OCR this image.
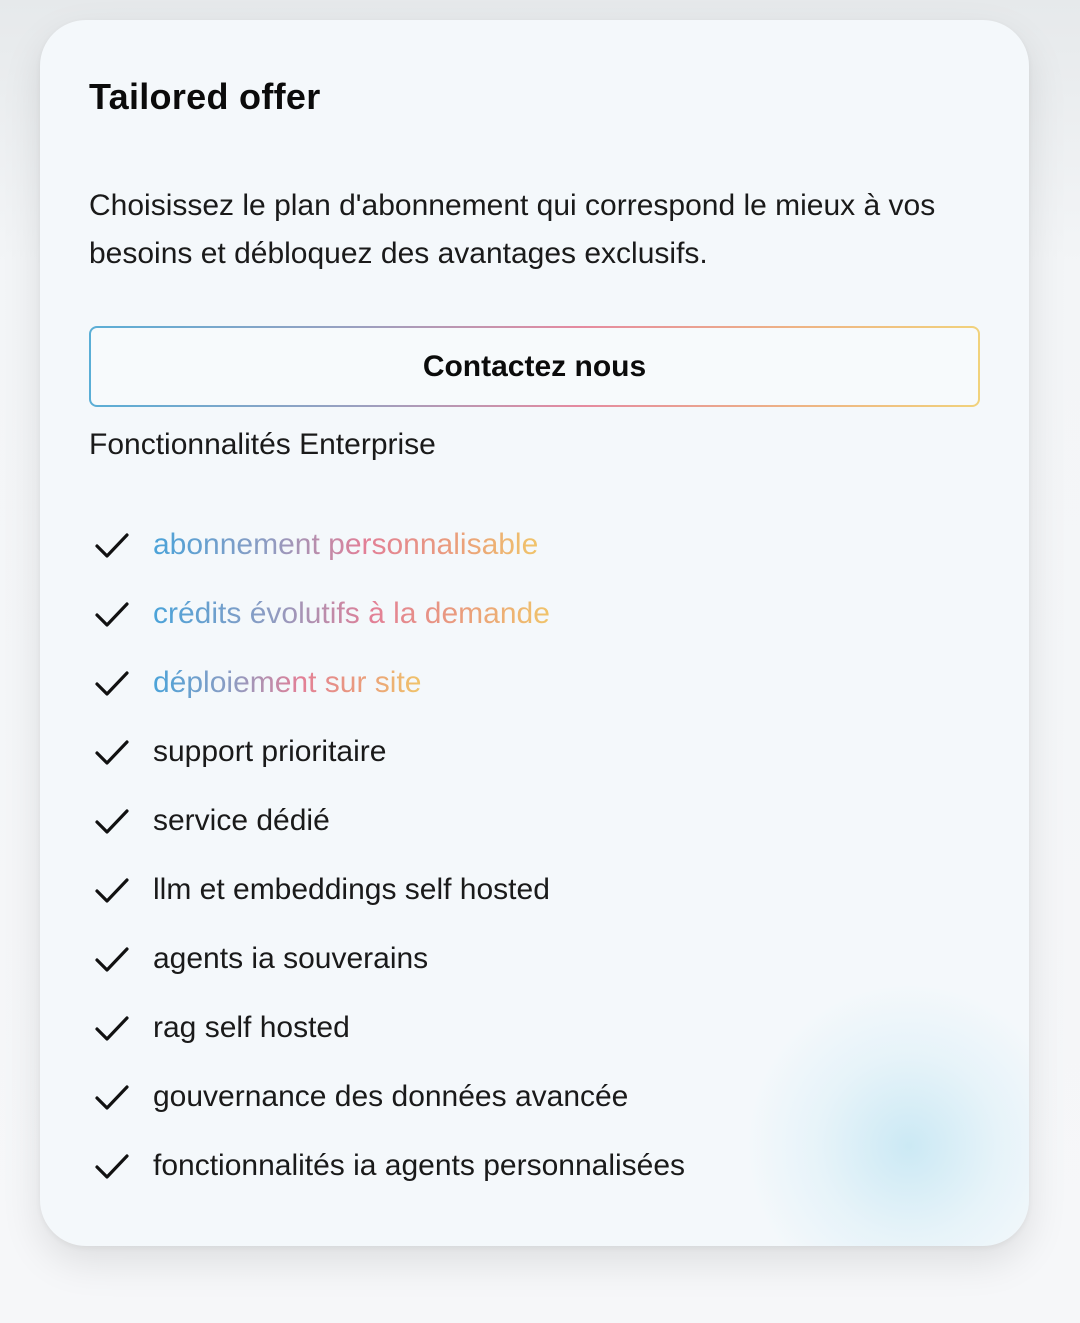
Tailored offer
Choisissez le plan d'abonnement qui correspond le mieux à vos besoins et débloquez des avantages exclusifs.
Contactez nous
Fonctionnalités Enterprise
abonnement personnalisable
crédits évolutifs à la demande
déploiement sur site
support prioritaire
service dédié
llm et embeddings self hosted
agents ia souverains
rag self hosted
gouvernance des données avancée
fonctionnalités ia agents personnalisées
